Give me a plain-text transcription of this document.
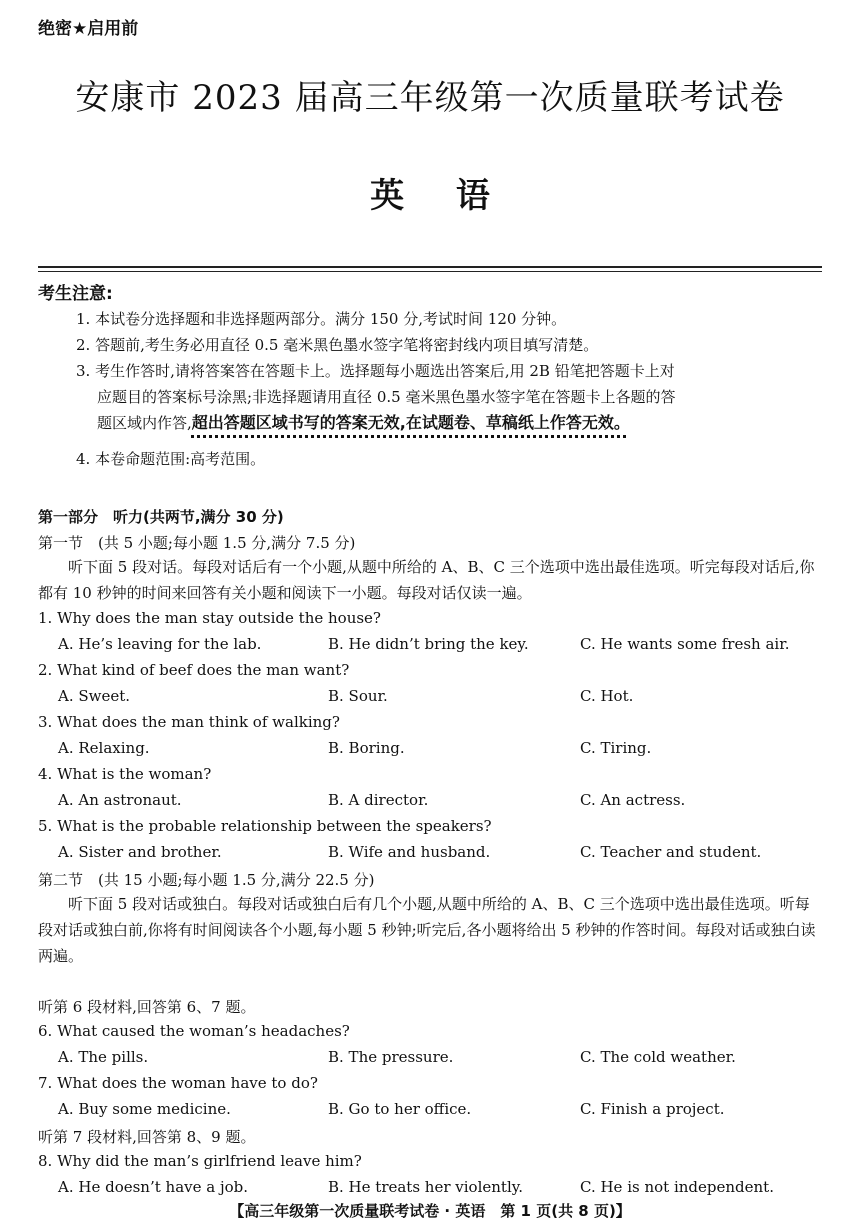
绝密★启用前
安康市 2023 届高三年级第一次质量联考试卷
英 语
考生注意:
1. 本试卷分选择题和非选择题两部分。满分 150 分,考试时间 120 分钟。
2. 答题前,考生务必用直径 0.5 毫米黑色墨水签字笔将密封线内项目填写清楚。
3. 考生作答时,请将答案答在答题卡上。选择题每小题选出答案后,用 2B 铅笔把答题卡上对
应题目的答案标号涂黑;非选择题请用直径 0.5 毫米黑色墨水签字笔在答题卡上各题的答
题区域内作答,超出答题区域书写的答案无效,在试题卷、草稿纸上作答无效。
4. 本卷命题范围:高考范围。
第一部分　听力(共两节,满分 30 分)
第一节　(共 5 小题;每小题 1.5 分,满分 7.5 分)
听下面 5 段对话。每段对话后有一个小题,从题中所给的 A、B、C 三个选项中选出最佳选项。听完每段对话后,你都有 10 秒钟的时间来回答有关小题和阅读下一小题。每段对话仅读一遍。
1. Why does the man stay outside the house?
A. He’s leaving for the lab.	B. He didn’t bring the key.	C. He wants some fresh air.
2. What kind of beef does the man want?
A. Sweet.	B. Sour.	C. Hot.
3. What does the man think of walking?
A. Relaxing.	B. Boring.	C. Tiring.
4. What is the woman?
A. An astronaut.	B. A director.	C. An actress.
5. What is the probable relationship between the speakers?
A. Sister and brother.	B. Wife and husband.	C. Teacher and student.
第二节　(共 15 小题;每小题 1.5 分,满分 22.5 分)
听下面 5 段对话或独白。每段对话或独白后有几个小题,从题中所给的 A、B、C 三个选项中选出最佳选项。听每段对话或独白前,你将有时间阅读各个小题,每小题 5 秒钟;听完后,各小题将给出 5 秒钟的作答时间。每段对话或独白读两遍。
听第 6 段材料,回答第 6、7 题。
6. What caused the woman’s headaches?
A. The pills.	B. The pressure.	C. The cold weather.
7. What does the woman have to do?
A. Buy some medicine.	B. Go to her office.	C. Finish a project.
听第 7 段材料,回答第 8、9 题。
8. Why did the man’s girlfriend leave him?
A. He doesn’t have a job.	B. He treats her violently.	C. He is not independent.
【高三年级第一次质量联考试卷 · 英语　第 1 页(共 8 页)】
